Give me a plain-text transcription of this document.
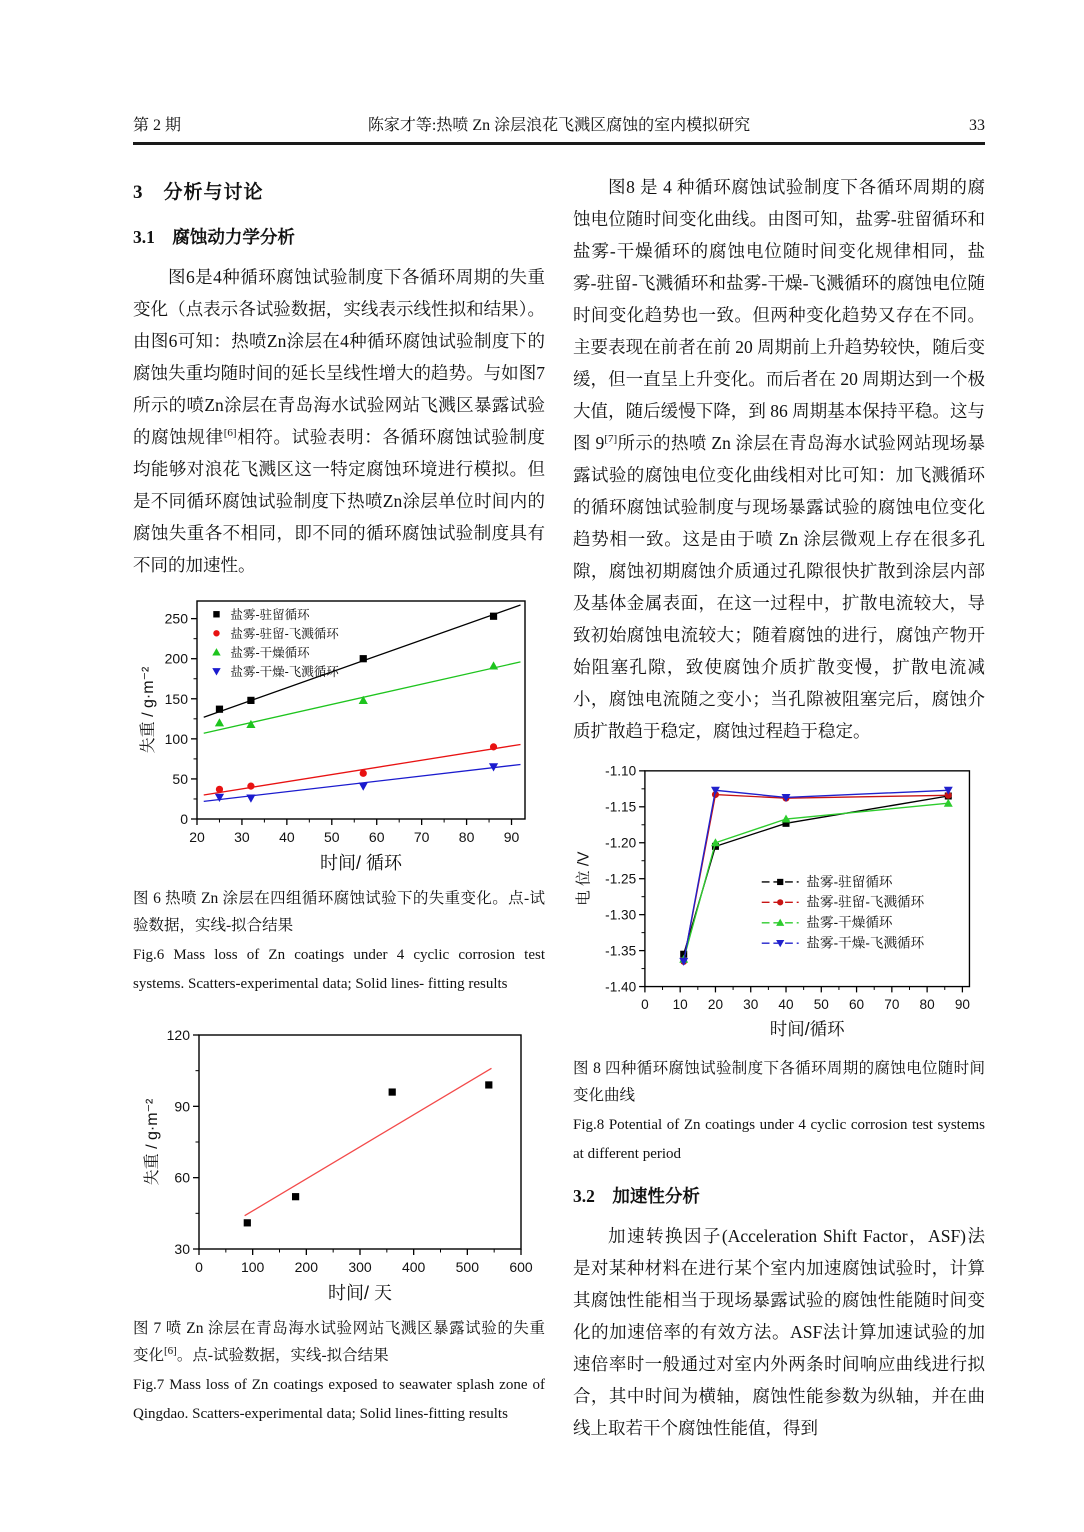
第 2 期	陈家才等:热喷 Zn 涂层浪花飞溅区腐蚀的室内模拟研究	33
3　分析与讨论
3.1　腐蚀动力学分析

图6是4种循环腐蚀试验制度下各循环周期的失重变化（点表示各试验数据，实线表示线性拟和结果）。由图6可知：热喷Zn涂层在4种循环腐蚀试验制度下的腐蚀失重均随时间的延长呈线性增大的趋势。与如图7所示的喷Zn涂层在青岛海水试验网站飞溅区暴露试验的腐蚀规律[6]相符。试验表明：各循环腐蚀试验制度均能够对浪花飞溅区这一特定腐蚀环境进行模拟。但是不同循环腐蚀试验制度下热喷Zn涂层单位时间内的腐蚀失重各不相同，即不同的循环腐蚀试验制度具有不同的加速性。

20 30 40 50 60 70 80 90
0
50
100
150
200
250
时间/ 循环
失重 / g·m⁻²
盐雾-驻留循环
盐雾-驻留-飞溅循环
盐雾-干燥循环
盐雾-干燥-飞溅循环

图 6 热喷 Zn 涂层在四组循环腐蚀试验下的失重变化。点-试验数据，实线-拟合结果

Fig.6 Mass loss of Zn coatings under 4 cyclic corrosion test systems. Scatters-experimental data; Solid lines- fitting results

0	100 200 300 400 500 600
30
60
90
120
时间/ 天
失重 / g·m⁻²

图 7 喷 Zn 涂层在青岛海水试验网站飞溅区暴露试验的失重变化[6]。点-试验数据，实线-拟合结果

Fig.7 Mass loss of Zn coatings exposed to seawater splash zone of Qingdao. Scatters-experimental data; Solid lines-fitting results

图8 是 4 种循环腐蚀试验制度下各循环周期的腐蚀电位随时间变化曲线。由图可知，盐雾-驻留循环和盐雾-干燥循环的腐蚀电位随时间变化规律相同，盐雾-驻留-飞溅循环和盐雾-干燥-飞溅循环的腐蚀电位随时间变化趋势也一致。但两种变化趋势又存在不同。主要表现在前者在前 20 周期前上升趋势较快，随后变缓，但一直呈上升变化。而后者在 20 周期达到一个极大值，随后缓慢下降，到 86 周期基本保持平稳。这与图 9[7]所示的热喷 Zn 涂层在青岛海水试验网站现场暴露试验的腐蚀电位变化曲线相对比可知：加飞溅循环的循环腐蚀试验制度与现场暴露试验的腐蚀电位变化趋势相一致。这是由于喷 Zn 涂层微观上存在很多孔隙，腐蚀初期腐蚀介质通过孔隙很快扩散到涂层内部及基体金属表面，在这一过程中，扩散电流较大，导致初始腐蚀电流较大；随着腐蚀的进行，腐蚀产物开始阻塞孔隙，致使腐蚀介质扩散变慢，扩散电流减小，腐蚀电流随之变小；当孔隙被阻塞完后，腐蚀介质扩散趋于稳定，腐蚀过程趋于稳定。

0 10 20 30 40 50 60 70 80 90
-1.40
-1.35
-1.30
-1.25
-1.20
-1.15
-1.10
时间/循环
电 位 /V	盐雾-驻留循环
盐雾-驻留-飞溅循环
盐雾-干燥循环
盐雾-干燥-飞溅循环

图 8 四种循环腐蚀试验制度下各循环周期的腐蚀电位随时间变化曲线

Fig.8 Potential of Zn coatings under 4 cyclic corrosion test systems at different period

3.2　加速性分析

加速转换因子(Acceleration Shift Factor，ASF)法是对某种材料在进行某个室内加速腐蚀试验时，计算其腐蚀性能相当于现场暴露试验的腐蚀性能随时间变化的加速倍率的有效方法。ASF法计算加速试验的加速倍率时一般通过对室内外两条时间响应曲线进行拟合，其中时间为横轴，腐蚀性能参数为纵轴，并在曲线上取若干个腐蚀性能值，得到
